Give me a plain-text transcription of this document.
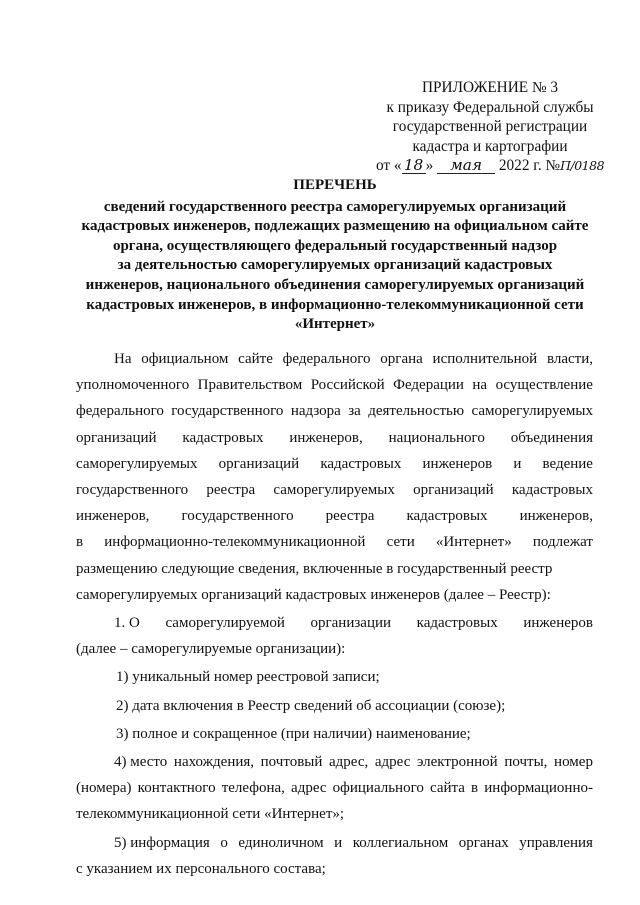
ПРИЛОЖЕНИЕ № 3
к приказу Федеральной службы
государственной регистрации
кадастра и картографии
от « 18 » мая 2022 г. №П/0188
ПЕРЕЧЕНЬ
сведений государственного реестра саморегулируемых организаций
кадастровых инженеров, подлежащих размещению на официальном сайте
органа, осуществляющего федеральный государственный надзор
за деятельностью саморегулируемых организаций кадастровых
инженеров, национального объединения саморегулируемых организаций
кадастровых инженеров, в информационно-телекоммуникационной сети
«Интернет»
На официальном сайте федерального органа исполнительной власти,
уполномоченного Правительством Российской Федерации на осуществление
федерального государственного надзора за деятельностью саморегулируемых
организаций кадастровых инженеров, национального объединения
саморегулируемых организаций кадастровых инженеров и ведение
государственного реестра саморегулируемых организаций кадастровых
инженеров, государственного реестра кадастровых инженеров,
в информационно-телекоммуникационной сети «Интернет» подлежат
размещению следующие сведения, включенные в государственный реестр
саморегулируемых организаций кадастровых инженеров (далее – Реестр):
1. О саморегулируемой организации кадастровых инженеров
(далее – саморегулируемые организации):
1) уникальный номер реестровой записи;
2) дата включения в Реестр сведений об ассоциации (союзе);
3) полное и сокращенное (при наличии) наименование;
4) место нахождения, почтовый адрес, адрес электронной почты, номер
(номера) контактного телефона, адрес официального сайта в информационно-
телекоммуникационной сети «Интернет»;
5) информация о единоличном и коллегиальном органах управления
с указанием их персонального состава;
